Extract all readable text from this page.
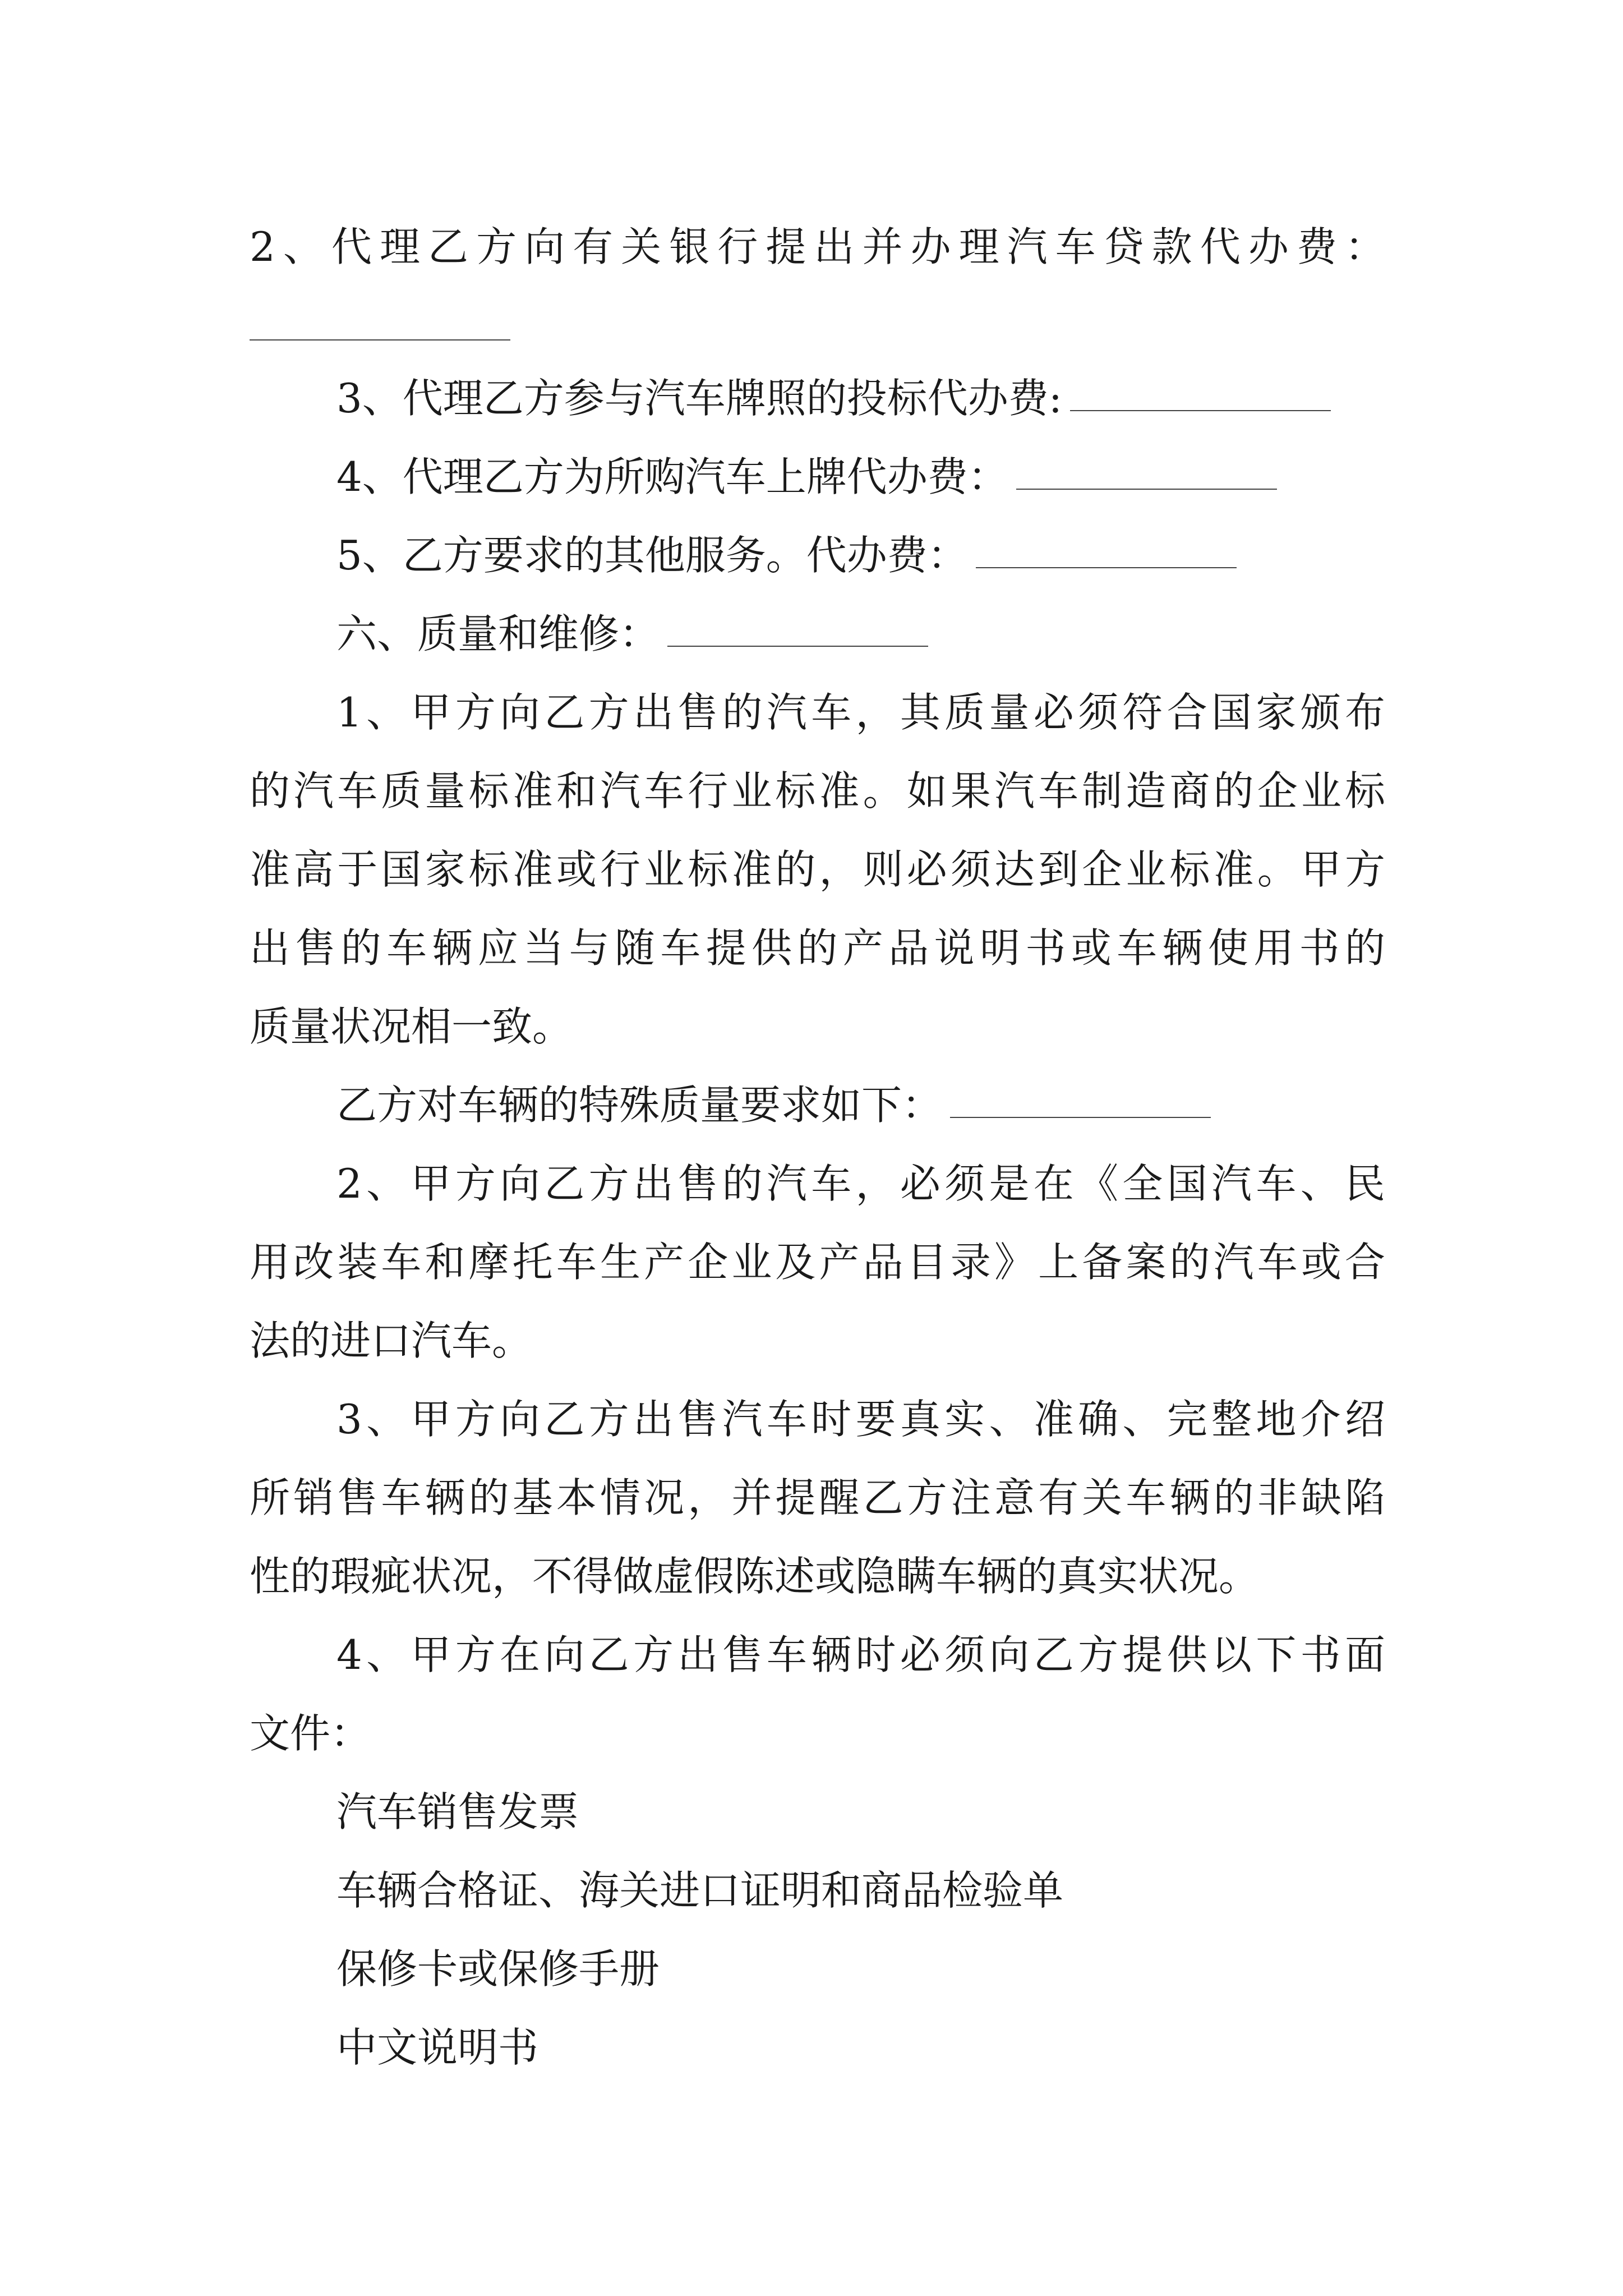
2、代理乙方向有关银行提出并办理汽车贷款代办费：
3、代理乙方参与汽车牌照的投标代办费:
4、代理乙方为所购汽车上牌代办费：
5、乙方要求的其他服务。代办费：
六、质量和维修：
1、甲方向乙方出售的汽车，其质量必须符合国家颁布
的汽车质量标准和汽车行业标准。如果汽车制造商的企业标
准高于国家标准或行业标准的，则必须达到企业标准。甲方
出售的车辆应当与随车提供的产品说明书或车辆使用书的
质量状况相一致。
乙方对车辆的特殊质量要求如下：
2、甲方向乙方出售的汽车，必须是在《全国汽车、民
用改装车和摩托车生产企业及产品目录》上备案的汽车或合
法的进口汽车。
3、甲方向乙方出售汽车时要真实、准确、完整地介绍
所销售车辆的基本情况，并提醒乙方注意有关车辆的非缺陷
性的瑕疵状况，不得做虚假陈述或隐瞒车辆的真实状况。
4、甲方在向乙方出售车辆时必须向乙方提供以下书面
文件：
汽车销售发票
车辆合格证、海关进口证明和商品检验单
保修卡或保修手册
中文说明书
